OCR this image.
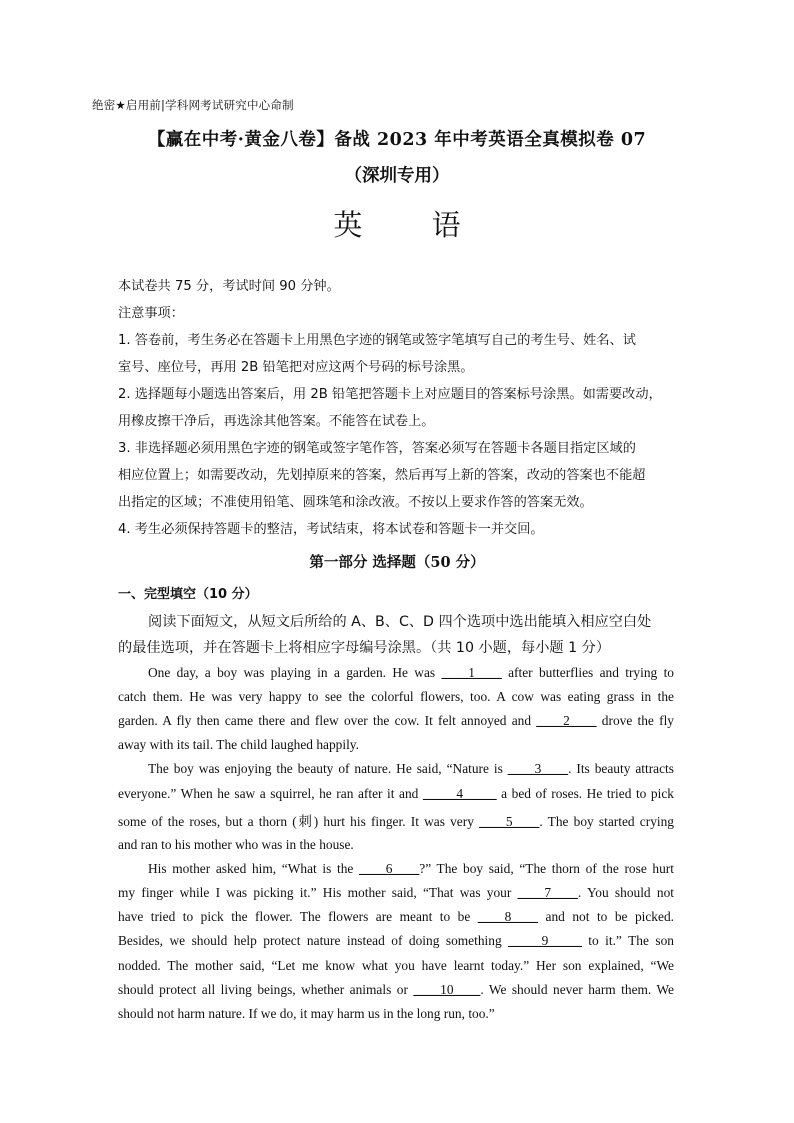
绝密★启用前|学科网考试研究中心命制
【赢在中考·黄金八卷】备战 2023 年中考英语全真模拟卷 07
（深圳专用）
英 语
本试卷共 75 分，考试时间 90 分钟。
注意事项：
1. 答卷前，考生务必在答题卡上用黑色字迹的钢笔或签字笔填写自己的考生号、姓名、试
室号、座位号，再用 2B 铅笔把对应这两个号码的标号涂黑。
2. 选择题每小题选出答案后，用 2B 铅笔把答题卡上对应题目的答案标号涂黑。如需要改动，
用橡皮擦干净后，再选涂其他答案。不能答在试卷上。
3. 非选择题必须用黑色字迹的钢笔或签字笔作答，答案必须写在答题卡各题目指定区域的
相应位置上；如需要改动，先划掉原来的答案，然后再写上新的答案，改动的答案也不能超
出指定的区域；不准使用铅笔、圆珠笔和涂改液。不按以上要求作答的答案无效。
4. 考生必须保持答题卡的整洁，考试结束，将本试卷和答题卡一并交回。
第一部分 选择题（50 分）
一、完型填空（10 分）
阅读下面短文，从短文后所给的 A、B、C、D 四个选项中选出能填入相应空白处
的最佳选项，并在答题卡上将相应字母编号涂黑。（共 10 小题，每小题 1 分）
One day, a boy was playing in a garden. He was ____1____ after butterflies and trying to
catch them. He was very happy to see the colorful flowers, too. A cow was eating grass in the
garden. A fly then came there and flew over the cow. It felt annoyed and ____2____ drove the fly
away with its tail. The child laughed happily.
The boy was enjoying the beauty of nature. He said, “Nature is ____3____. Its beauty attracts
everyone.” When he saw a squirrel, he ran after it and _____4_____ a bed of roses. He tried to pick
some of the roses, but a thorn (刺) hurt his finger. It was very ____5____. The boy started crying
and ran to his mother who was in the house.
His mother asked him, “What is the ____6____?” The boy said, “The thorn of the rose hurt
my finger while I was picking it.” His mother said, “That was your ____7____. You should not
have tried to pick the flower. The flowers are meant to be ____8____ and not to be picked.
Besides, we should help protect nature instead of doing something _____9_____ to it.” The son
nodded. The mother said, “Let me know what you have learnt today.” Her son explained, “We
should protect all living beings, whether animals or ____10____. We should never harm them. We
should not harm nature. If we do, it may harm us in the long run, too.”
